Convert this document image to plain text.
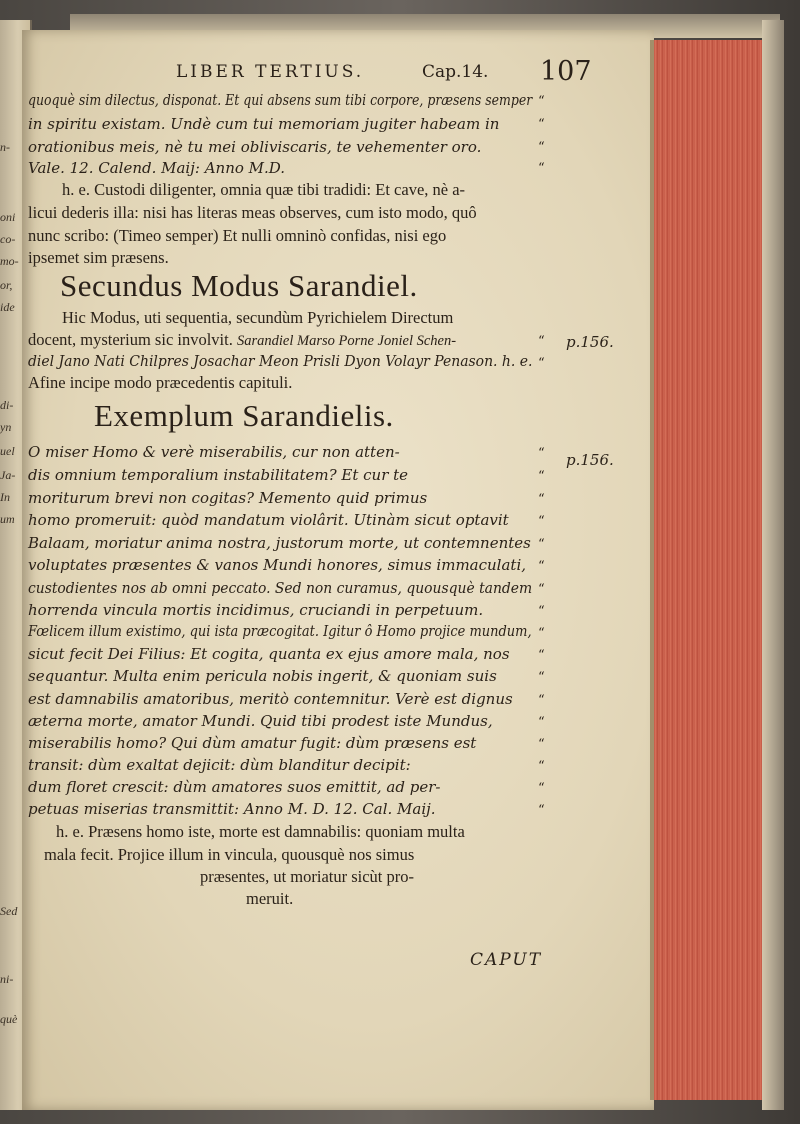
n-
oni
co-
mo-
or,
ide
di-
yn
uel
Ja-
In
um
Sed
ni-
què
LIBER TERTIUS.	Cap.14. 107
quoquè sim dilectus, disponat. Et qui absens sum tibi corpore, præsens semper
in spiritu existam. Undè cum tui memoriam jugiter habeam in
orationibus meis, nè tu mei obliviscaris, te vehementer oro.
Vale. 12. Calend. Maij: Anno M.D.
h. e. Custodi diligenter, omnia quæ tibi tradidi: Et cave, nè a-
licui dederis illa: nisi has literas meas observes, cum isto modo, quô
nunc scribo: (Timeo semper) Et nulli omninò confidas, nisi ego
ipsemet sim præsens.
Secundus Modus Sarandiel.
Hic Modus, uti sequentia, secundùm Pyrichielem Directum
docent, mysterium sic involvit. Sarandiel Marso Porne Joniel Schen-
diel Jano Nati Chilpres Josachar Meon Prisli Dyon Volayr Penason. h. e.
Afine incipe modo præcedentis capituli.
Exemplum Sarandielis.
O miser Homo & verè miserabilis, cur non atten-
dis omnium temporalium instabilitatem? Et cur te
moriturum brevi non cogitas? Memento quid primus
homo promeruit: quòd mandatum violârit. Utinàm sicut optavit
Balaam, moriatur anima nostra, justorum morte, ut contemnentes
voluptates præsentes & vanos Mundi honores, simus immaculati,
custodientes nos ab omni peccato. Sed non curamus, quousquè tandem
horrenda vincula mortis incidimus, cruciandi in perpetuum.
Fœlicem illum existimo, qui ista præcogitat. Igitur ô Homo projice mundum,
sicut fecit Dei Filius: Et cogita, quanta ex ejus amore mala, nos
sequantur. Multa enim pericula nobis ingerit, & quoniam suis
est damnabilis amatoribus, meritò contemnitur. Verè est dignus
æterna morte, amator Mundi. Quid tibi prodest iste Mundus,
miserabilis homo? Qui dùm amatur fugit: dùm præsens est
transit: dùm exaltat dejicit: dùm blanditur decipit:
dum floret crescit: dùm amatores suos emittit, ad per-
petuas miserias transmittit: Anno M. D. 12. Cal. Maij.
h. e. Præsens homo iste, morte est damnabilis: quoniam multa
mala fecit. Projice illum in vincula, quousquè nos simus
præsentes, ut moriatur sicùt pro-
meruit.
“
“
“
“
“
“
“
“
“
“
“
“
“
“
“
“
“
“
“
“
“
“
“
p.156.
p.156.
CAPUT
